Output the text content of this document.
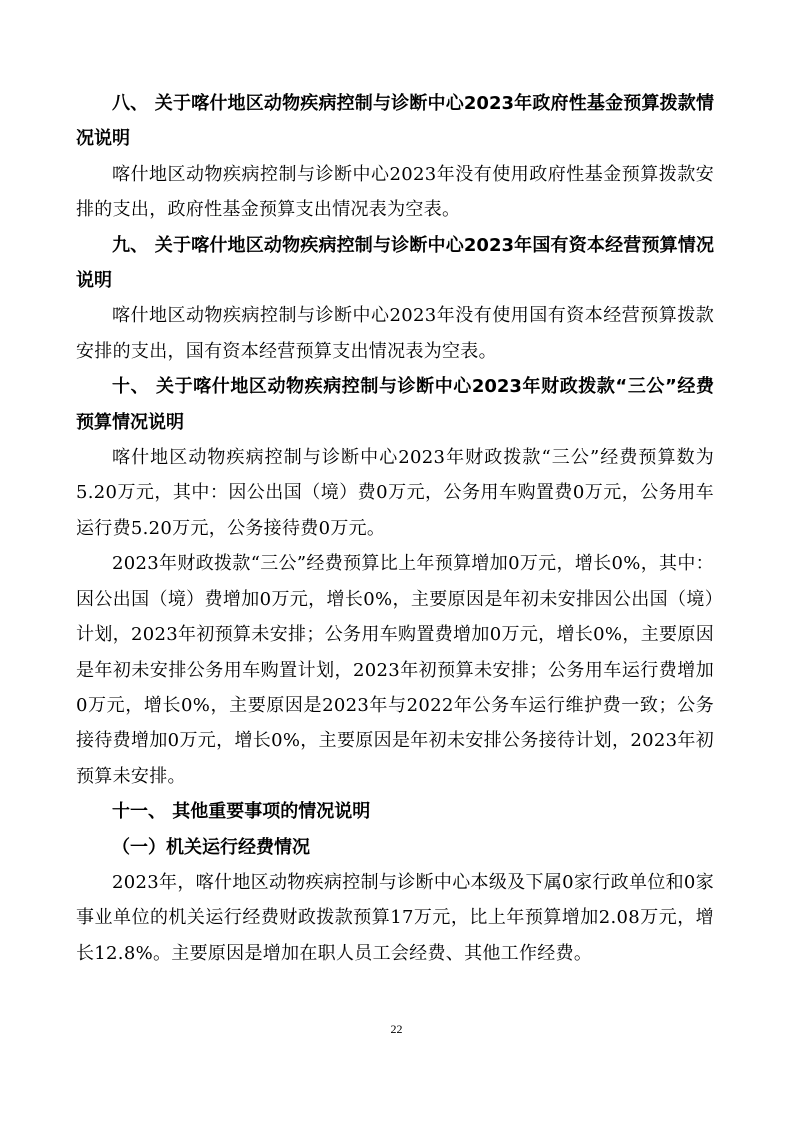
八、 关于喀什地区动物疾病控制与诊断中心2023年政府性基金预算拨款情况说明

喀什地区动物疾病控制与诊断中心2023年没有使用政府性基金预算拨款安排的支出，政府性基金预算支出情况表为空表。

九、 关于喀什地区动物疾病控制与诊断中心2023年国有资本经营预算情况说明

喀什地区动物疾病控制与诊断中心2023年没有使用国有资本经营预算拨款安排的支出，国有资本经营预算支出情况表为空表。

十、 关于喀什地区动物疾病控制与诊断中心2023年财政拨款“三公”经费预算情况说明

喀什地区动物疾病控制与诊断中心2023年财政拨款“三公”经费预算数为5.20万元，其中：因公出国（境）费0万元，公务用车购置费0万元，公务用车运行费5.20万元，公务接待费0万元。

2023年财政拨款“三公”经费预算比上年预算增加0万元，增长0%，其中：因公出国（境）费增加0万元，增长0%，主要原因是年初未安排因公出国（境）计划，2023年初预算未安排；公务用车购置费增加0万元，增长0%，主要原因是年初未安排公务用车购置计划，2023年初预算未安排；公务用车运行费增加0万元，增长0%，主要原因是2023年与2022年公务车运行维护费一致；公务接待费增加0万元，增长0%，主要原因是年初未安排公务接待计划，2023年初预算未安排。

十一、 其他重要事项的情况说明

（一）机关运行经费情况

2023年，喀什地区动物疾病控制与诊断中心本级及下属0家行政单位和0家事业单位的机关运行经费财政拨款预算17万元，比上年预算增加2.08万元，增长12.8%。主要原因是增加在职人员工会经费、其他工作经费。

22
